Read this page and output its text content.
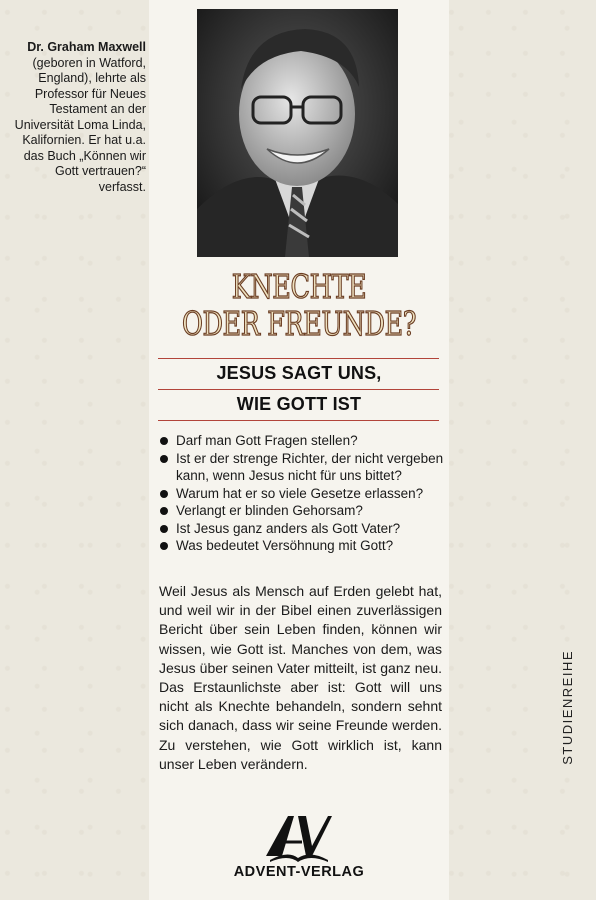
Dr. Graham Maxwell
(geboren in Watford, England), lehrte als Professor für Neues Testament an der Universität Loma Linda, Kalifornien. Er hat u.a. das Buch „Können wir Gott vertrauen?“ verfasst.
KNECHTE
ODER FREUNDE?
JESUS SAGT UNS,
WIE GOTT IST
Darf man Gott Fragen stellen?
Ist er der strenge Richter, der nicht vergeben kann, wenn Jesus nicht für uns bittet?
Warum hat er so viele Gesetze erlassen?
Verlangt er blinden Gehorsam?
Ist Jesus ganz anders als Gott Vater?
Was bedeutet Versöhnung mit Gott?

Weil Jesus als Mensch auf Erden gelebt hat, und weil wir in der Bibel einen zuverlässigen Bericht über sein Leben finden, können wir wissen, wie Gott ist. Manches von dem, was Jesus über seinen Vater mitteilt, ist ganz neu. Das Erstaunlichste aber ist: Gott will uns nicht als Knechte behandeln, sondern sehnt sich danach, dass wir seine Freunde werden. Zu verstehen, wie Gott wirklich ist, kann unser Leben verändern.

ADVENT-VERLAG
STUDIENREIHE
